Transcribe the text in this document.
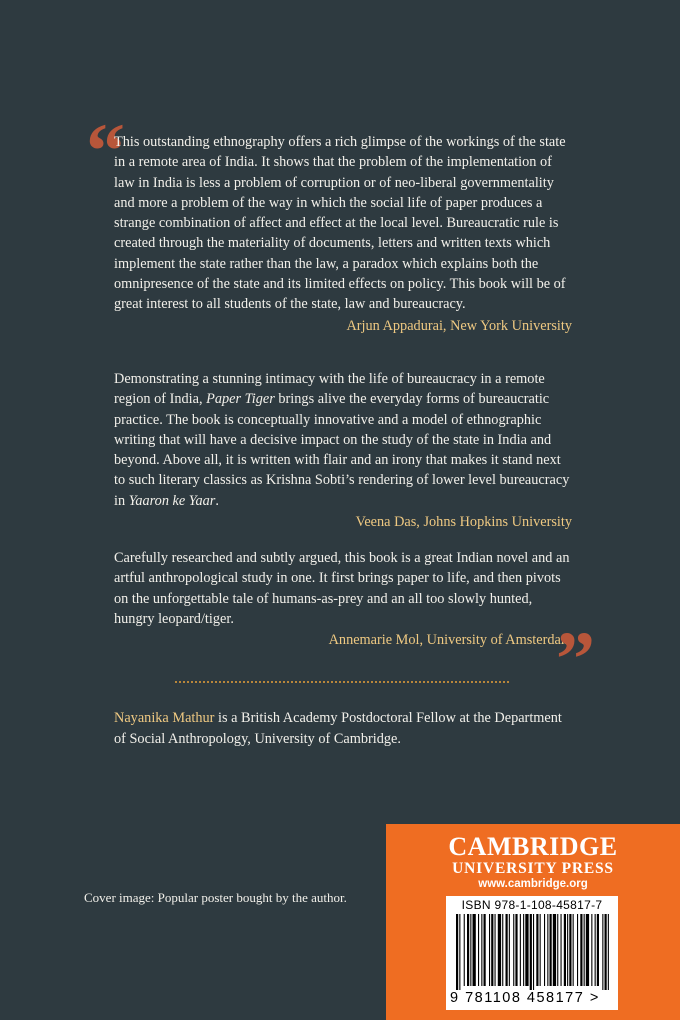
“

This outstanding ethnography offers a rich glimpse of the workings of the state in a remote area of India. It shows that the problem of the implementation of law in India is less a problem of corruption or of neo-liberal governmentality and more a problem of the way in which the social life of paper produces a strange combination of affect and effect at the local level. Bureaucratic rule is created through the materiality of documents, letters and written texts which implement the state rather than the law, a paradox which explains both the omnipresence of the state and its limited effects on policy. This book will be of great interest to all students of the state, law and bureaucracy.

Arjun Appadurai, New York University

Demonstrating a stunning intimacy with the life of bureaucracy in a remote region of India, Paper Tiger brings alive the everyday forms of bureaucratic practice. The book is conceptually innovative and a model of ethnographic writing that will have a decisive impact on the study of the state in India and beyond. Above all, it is written with flair and an irony that makes it stand next to such literary classics as Krishna Sobti’s rendering of lower level bureaucracy in Yaaron ke Yaar.

Veena Das, Johns Hopkins University

Carefully researched and subtly argued, this book is a great Indian novel and an artful anthropological study in one. It first brings paper to life, and then pivots on the unforgettable tale of humans-as-prey and an all too slowly hunted, hungry leopard/tiger.

Annemarie Mol, University of Amsterdam
”
Nayanika Mathur is a British Academy Postdoctoral Fellow at the Department of Social Anthropology, University of Cambridge.
Cover image: Popular poster bought by the author.
CAMBRIDGE
UNIVERSITY PRESS
www.cambridge.org
ISBN 978-1-108-45817-7
9 781108 458177 >
